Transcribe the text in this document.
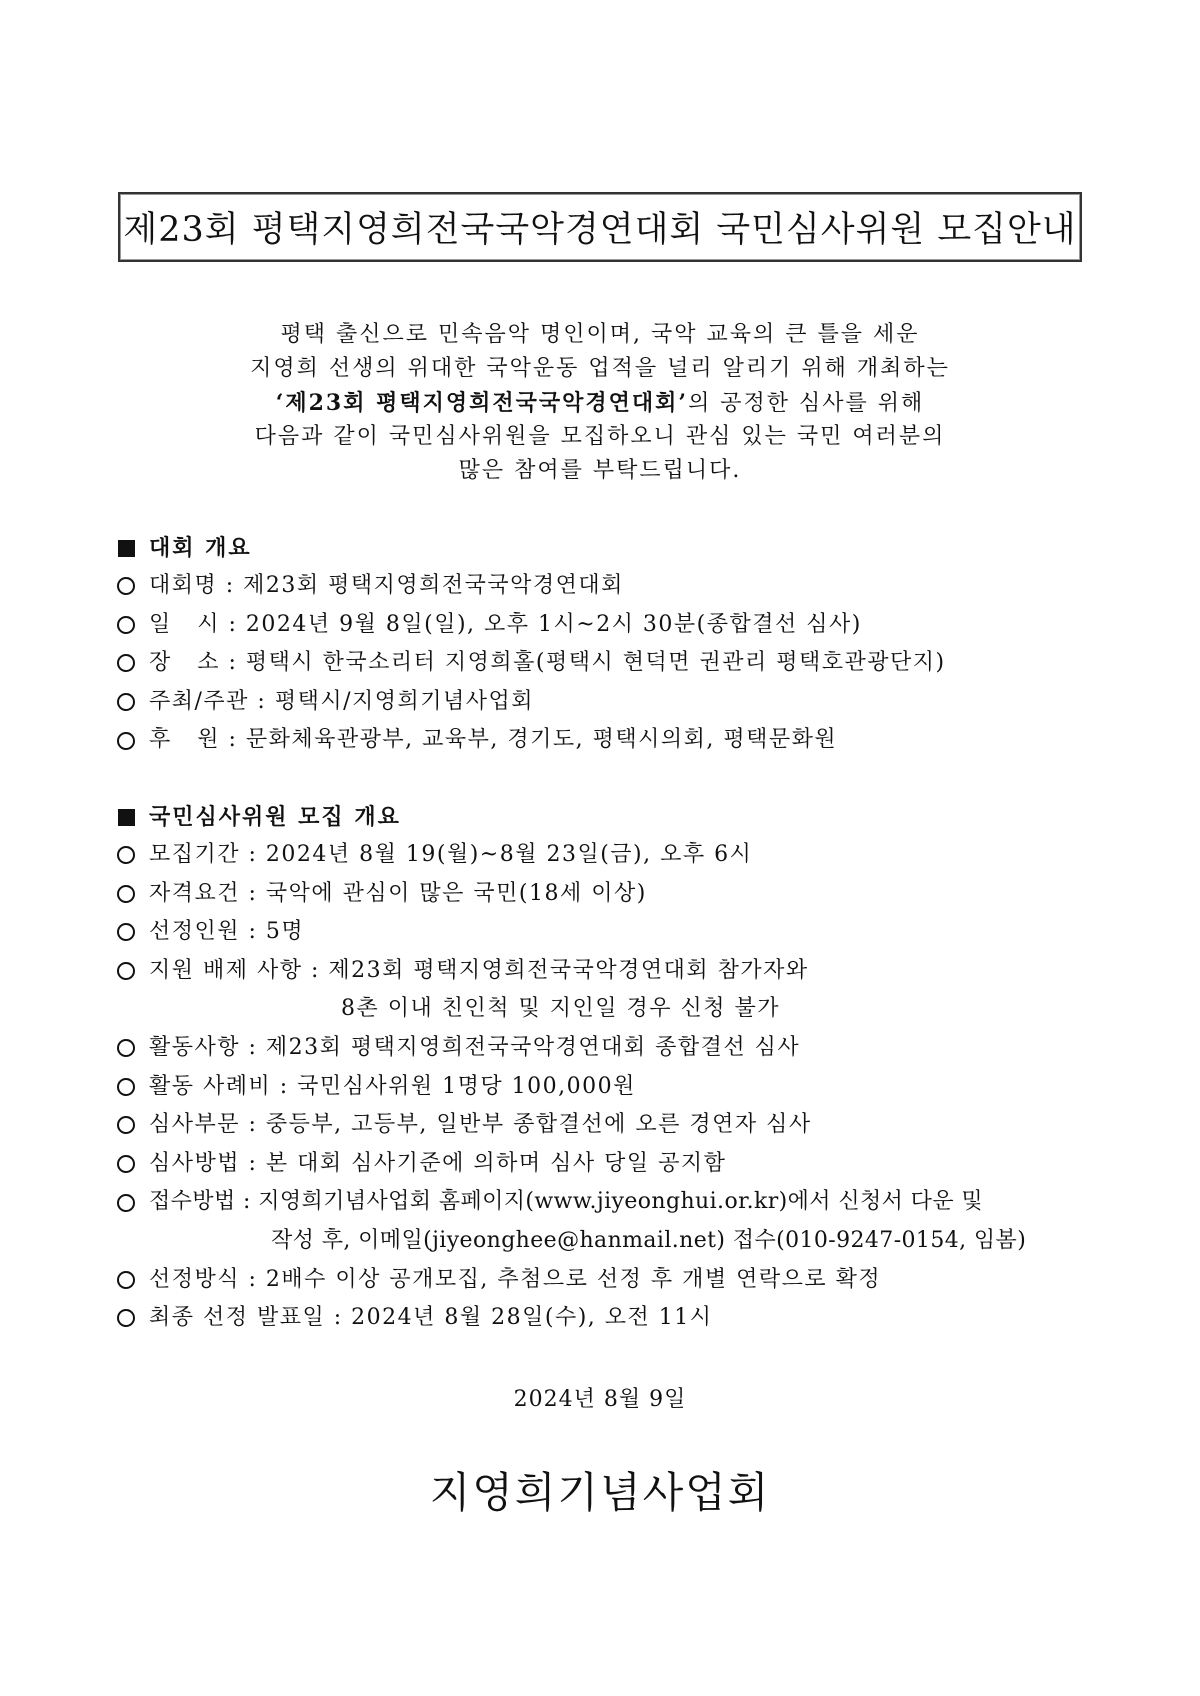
제23회 평택지영희전국국악경연대회 국민심사위원 모집안내
평택 출신으로 민속음악 명인이며, 국악 교육의 큰 틀을 세운
지영희 선생의 위대한 국악운동 업적을 널리 알리기 위해 개최하는
‘제23회 평택지영희전국국악경연대회’의 공정한 심사를 위해
다음과 같이 국민심사위원을 모집하오니 관심 있는 국민 여러분의
많은 참여를 부탁드립니다.
대회 개요
대회명 : 제23회 평택지영희전국국악경연대회
일   시 : 2024년 9월 8일(일), 오후 1시~2시 30분(종합결선 심사)
장   소 : 평택시 한국소리터 지영희홀(평택시 현덕면 권관리 평택호관광단지)
주최/주관 : 평택시/지영희기념사업회
후   원 : 문화체육관광부, 교육부, 경기도, 평택시의회, 평택문화원
국민심사위원 모집 개요
모집기간 : 2024년 8월 19(월)~8월 23일(금), 오후 6시
자격요건 : 국악에 관심이 많은 국민(18세 이상)
선정인원 : 5명
지원 배제 사항 : 제23회 평택지영희전국국악경연대회 참가자와
8촌 이내 친인척 및 지인일 경우 신청 불가
활동사항 : 제23회 평택지영희전국국악경연대회 종합결선 심사
활동 사례비 : 국민심사위원 1명당 100,000원
심사부문 : 중등부, 고등부, 일반부 종합결선에 오른 경연자 심사
심사방법 : 본 대회 심사기준에 의하며 심사 당일 공지함
접수방법 : 지영희기념사업회 홈페이지(www.jiyeonghui.or.kr)에서 신청서 다운 및
작성 후, 이메일(jiyeonghee@hanmail.net) 접수(010-9247-0154, 임봄)
선정방식 : 2배수 이상 공개모집, 추첨으로 선정 후 개별 연락으로 확정
최종 선정 발표일 : 2024년 8월 28일(수), 오전 11시
2024년 8월 9일
지영희기념사업회
